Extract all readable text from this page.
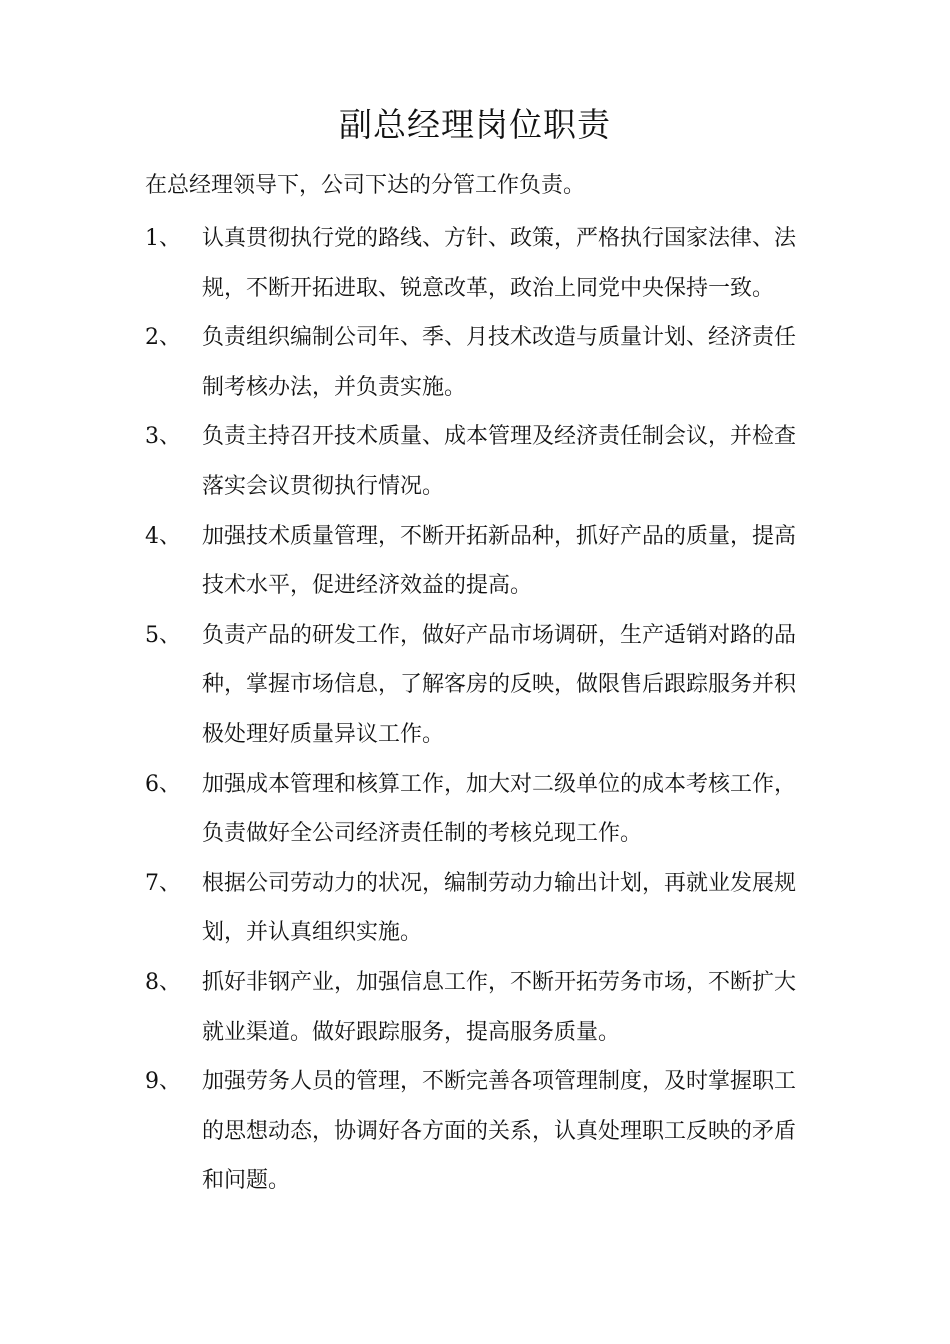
副总经理岗位职责
在总经理领导下，公司下达的分管工作负责。
1、 认真贯彻执行党的路线、方针、政策，严格执行国家法律、法
规，不断开拓进取、锐意改革，政治上同党中央保持一致。
2、 负责组织编制公司年、季、月技术改造与质量计划、经济责任
制考核办法，并负责实施。
3、 负责主持召开技术质量、成本管理及经济责任制会议，并检查
落实会议贯彻执行情况。
4、 加强技术质量管理，不断开拓新品种，抓好产品的质量，提高
技术水平，促进经济效益的提高。
5、 负责产品的研发工作，做好产品市场调研，生产适销对路的品
种，掌握市场信息，了解客房的反映，做限售后跟踪服务并积
极处理好质量异议工作。
6、 加强成本管理和核算工作，加大对二级单位的成本考核工作，
负责做好全公司经济责任制的考核兑现工作。
7、 根据公司劳动力的状况，编制劳动力输出计划，再就业发展规
划，并认真组织实施。
8、 抓好非钢产业，加强信息工作，不断开拓劳务市场，不断扩大
就业渠道。做好跟踪服务，提高服务质量。
9、 加强劳务人员的管理，不断完善各项管理制度，及时掌握职工
的思想动态，协调好各方面的关系，认真处理职工反映的矛盾
和问题。
